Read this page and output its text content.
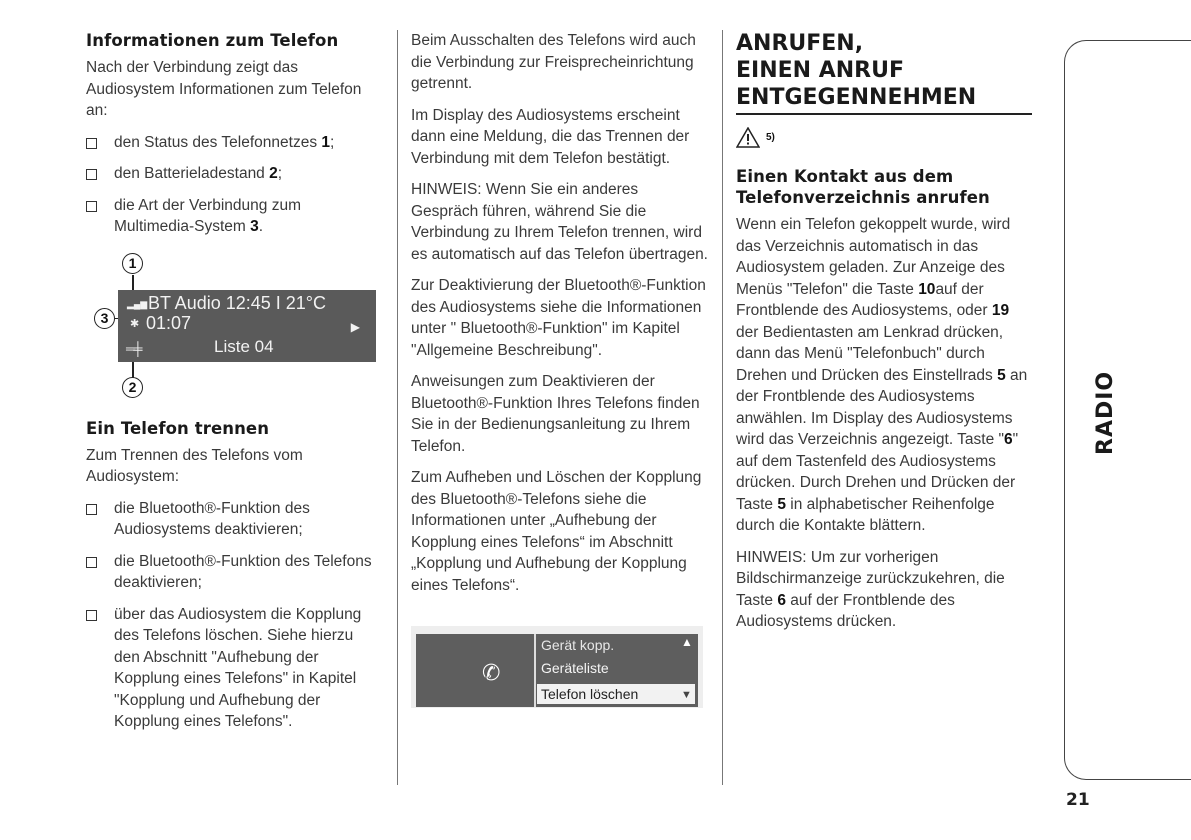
Informationen zum Telefon

Nach der Verbindung zeigt das Audiosystem Informationen zum Telefon an:

den Status des Telefonnetzes 1;
den Batterieladestand 2;
die Art der Verbindung zum Multimedia-System 3.
1
3
▂▄▆
✱
═╪
BT Audio 12:45 I 21°C
01:07	▶
Liste 04
2
Ein Telefon trennen

Zum Trennen des Telefons vom Audiosystem:

die Bluetooth®-Funktion des Audiosystems deaktivieren;
die Bluetooth®-Funktion des Telefons deaktivieren;
über das Audiosystem die Kopplung des Telefons löschen. Siehe hierzu den Abschnitt "Aufhebung der Kopplung eines Telefons" in Kapitel "Kopplung und Aufhebung der Kopplung eines Telefons".

Beim Ausschalten des Telefons wird auch die Verbindung zur Freisprecheinrichtung getrennt.

Im Display des Audiosystems erscheint dann eine Meldung, die das Trennen der Verbindung mit dem Telefon bestätigt.

HINWEIS: Wenn Sie ein anderes Gespräch führen, während Sie die Verbindung zu Ihrem Telefon trennen, wird es automatisch auf das Telefon übertragen.

Zur Deaktivierung der Bluetooth®-Funktion des Audiosystems siehe die Informationen unter " Bluetooth®-Funktion" im Kapitel "Allgemeine Beschreibung".

Anweisungen zum Deaktivieren der Bluetooth®-Funktion Ihres Telefons finden Sie in der Bedienungsanleitung zu Ihrem Telefon.

Zum Aufheben und Löschen der Kopplung des Bluetooth®-Telefons siehe die Informationen unter „Aufhebung der Kopplung eines Telefons“ im Abschnitt „Kopplung und Aufhebung der Kopplung eines Telefons“.

✆
▲
Gerät kopp.
Geräteliste
Telefon löschen	▼
ANRUFEN,
EINEN ANRUF
ENTGEGENNEHMEN
5)
Einen Kontakt aus dem Telefonverzeichnis anrufen

Wenn ein Telefon gekoppelt wurde, wird das Verzeichnis automatisch in das Audiosystem geladen. Zur Anzeige des Menüs "Telefon" die Taste 10auf der Frontblende des Audiosystems, oder 19 der Bedientasten am Lenkrad drücken, dann das Menü "Telefonbuch" durch Drehen und Drücken des Einstellrads 5 an der Frontblende des Audiosystems anwählen. Im Display des Audiosystems wird das Verzeichnis angezeigt. Taste "6" auf dem Tastenfeld des Audiosystems drücken. Durch Drehen und Drücken der Taste 5 in alphabetischer Reihenfolge durch die Kontakte blättern.

HINWEIS: Um zur vorherigen Bildschirmanzeige zurückzukehren, die Taste 6 auf der Frontblende des Audiosystems drücken.

RADIO
21
